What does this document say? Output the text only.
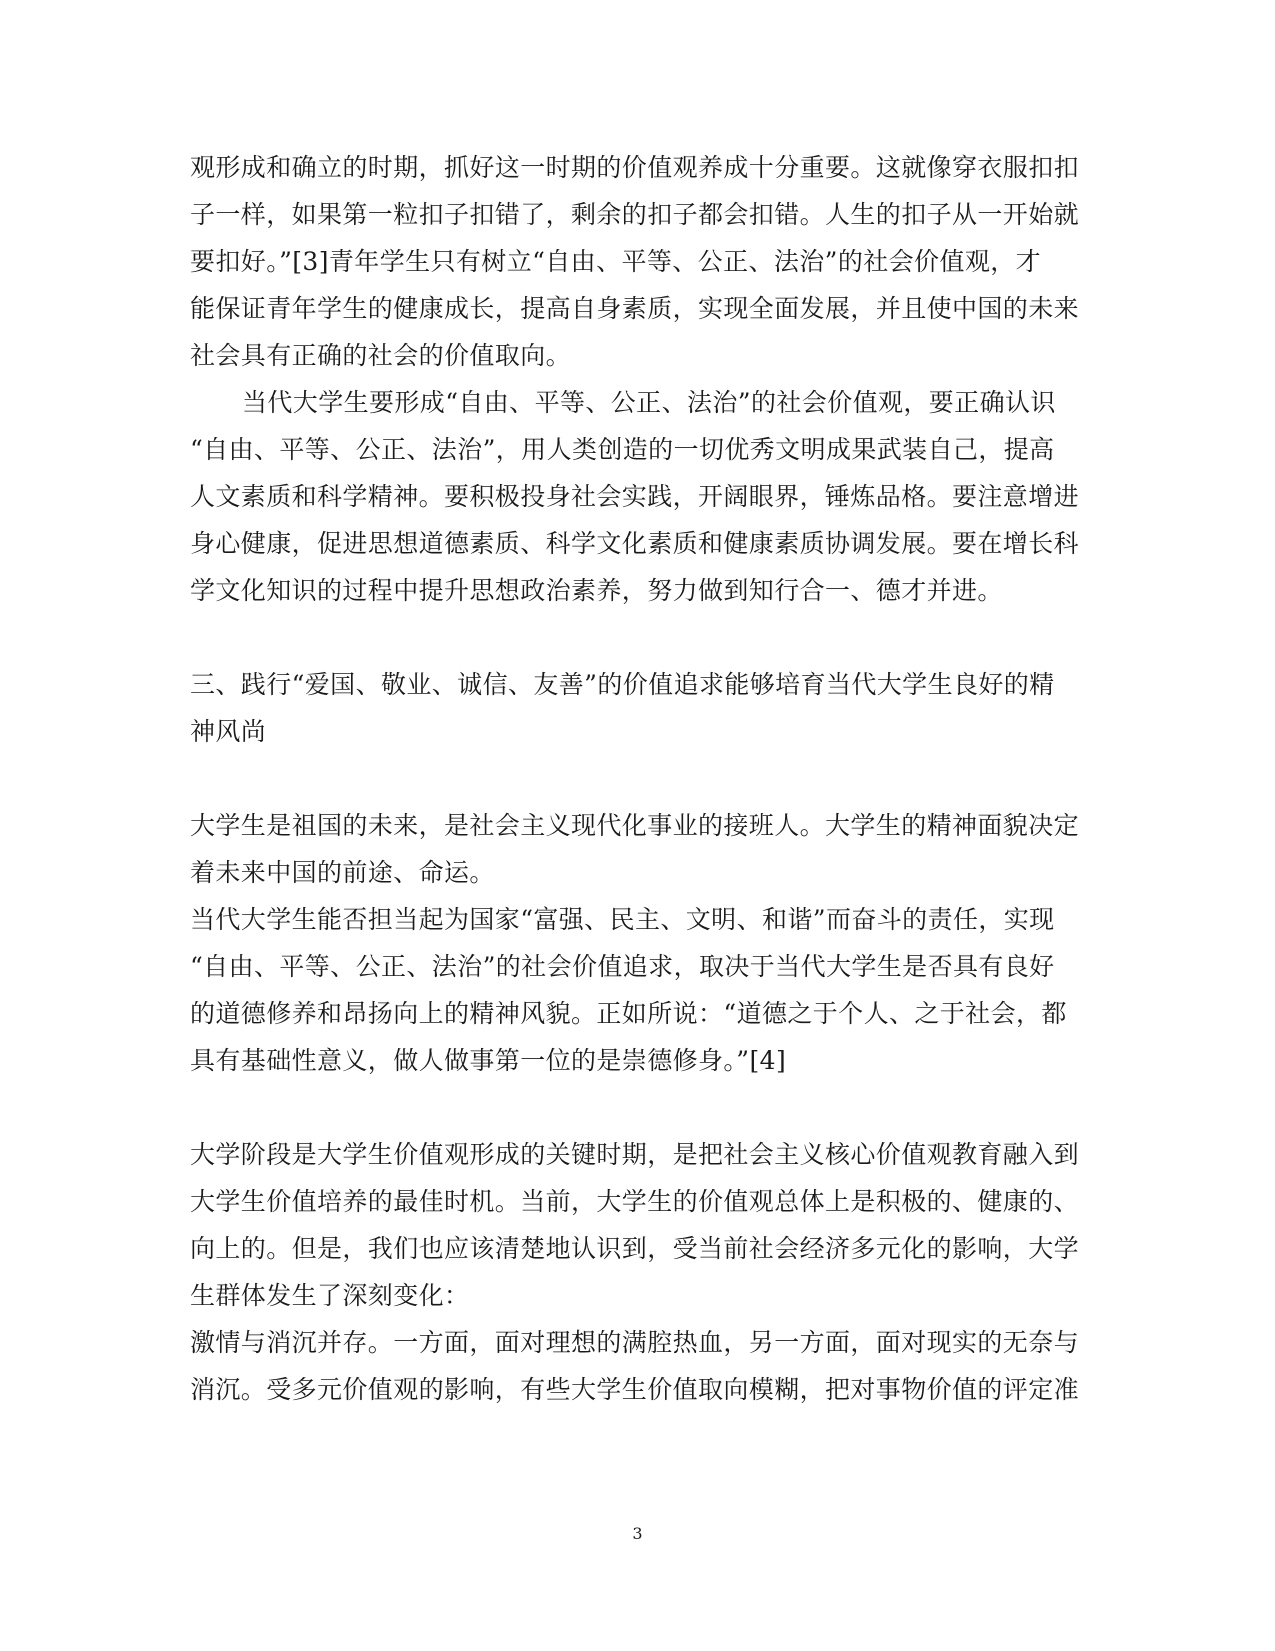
观形成和确立的时期，抓好这一时期的价值观养成十分重要。这就像穿衣服扣扣
子一样，如果第一粒扣子扣错了，剩余的扣子都会扣错。人生的扣子从一开始就
要扣好。”[3]青年学生只有树立“自由、平等、公正、法治”的社会价值观，才
能保证青年学生的健康成长，提高自身素质，实现全面发展，并且使中国的未来
社会具有正确的社会的价值取向。
当代大学生要形成“自由、平等、公正、法治”的社会价值观，要正确认识
“自由、平等、公正、法治”，用人类创造的一切优秀文明成果武装自己，提高
人文素质和科学精神。要积极投身社会实践，开阔眼界，锤炼品格。要注意增进
身心健康，促进思想道德素质、科学文化素质和健康素质协调发展。要在增长科
学文化知识的过程中提升思想政治素养，努力做到知行合一、德才并进。
三、践行“爱国、敬业、诚信、友善”的价值追求能够培育当代大学生良好的精
神风尚
大学生是祖国的未来，是社会主义现代化事业的接班人。大学生的精神面貌决定
着未来中国的前途、命运。
当代大学生能否担当起为国家“富强、民主、文明、和谐”而奋斗的责任，实现
“自由、平等、公正、法治”的社会价值追求，取决于当代大学生是否具有良好
的道德修养和昂扬向上的精神风貌。正如所说：“道德之于个人、之于社会，都
具有基础性意义，做人做事第一位的是崇德修身。”[4]
大学阶段是大学生价值观形成的关键时期，是把社会主义核心价值观教育融入到
大学生价值培养的最佳时机。当前，大学生的价值观总体上是积极的、健康的、
向上的。但是，我们也应该清楚地认识到，受当前社会经济多元化的影响，大学
生群体发生了深刻变化：
激情与消沉并存。一方面，面对理想的满腔热血，另一方面，面对现实的无奈与
消沉。受多元价值观的影响，有些大学生价值取向模糊，把对事物价值的评定准
3
